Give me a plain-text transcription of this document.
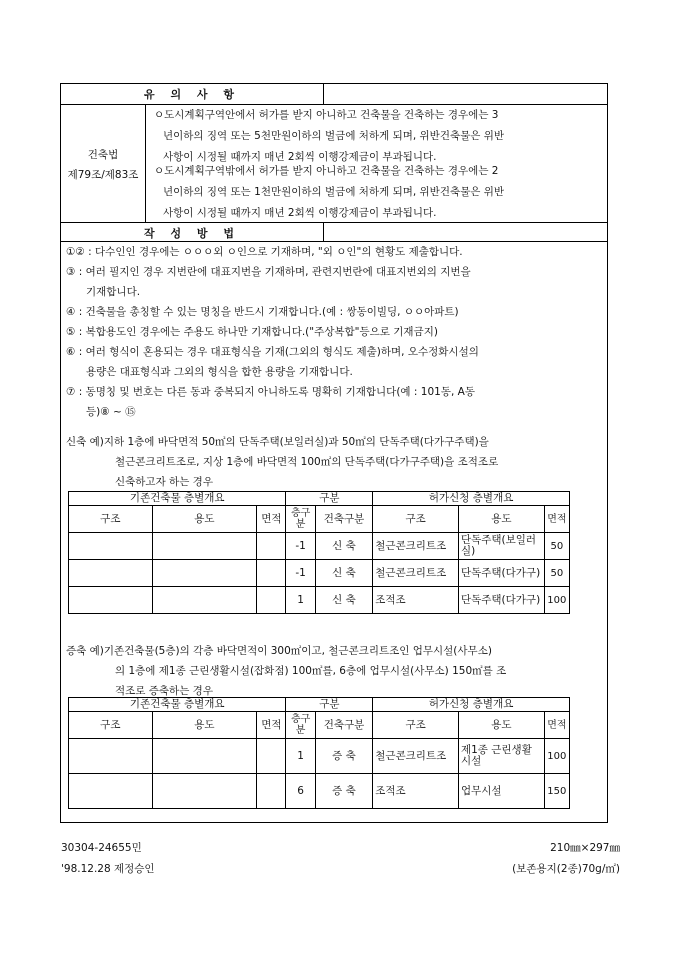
유 의 사 항
건축법
제79조/제83조
ㅇ도시계획구역안에서 허가를 받지 아니하고 건축물을 건축하는 경우에는 3
년이하의 징역 또는 5천만원이하의 벌금에 처하게 되며, 위반건축물은 위반
사항이 시정될 때까지 매년 2회씩 이행강제금이 부과됩니다.
ㅇ도시계획구역밖에서 허가를 받지 아니하고 건축물을 건축하는 경우에는 2
년이하의 징역 또는 1천만원이하의 벌금에 처하게 되며, 위반건축물은 위반
사항이 시정될 때까지 매년 2회씩 이행강제금이 부과됩니다.
작 성 방 법
①② : 다수인인 경우에는 ㅇㅇㅇ외 ㅇ인으로 기재하며, "외 ㅇ인"의 현황도 제출합니다.
③ : 여러 필지인 경우 지번란에 대표지번을 기재하며, 관련지번란에 대표지번외의 지번을
기재합니다.
④ : 건축물을 총칭할 수 있는 명칭을 반드시 기재합니다.(예 : 쌍동이빌딩, ㅇㅇ아파트)
⑤ : 복합용도인 경우에는 주용도 하나만 기재합니다.("주상복합"등으로 기재금지)
⑥ : 여러 형식이 혼용되는 경우 대표형식을 기재(그외의 형식도 제출)하며, 오수정화시설의
용량은 대표형식과 그외의 형식을 합한 용량을 기재합니다.
⑦ : 동명칭 및 번호는 다른 동과 중복되지 아니하도록 명확히 기재합니다(예 : 101동, A동
등)⑧ ~ ⑮
신축 예)지하 1층에 바닥면적 50㎡의 단독주택(보일러실)과 50㎡의 단독주택(다가구주택)을
철근콘크리트조로, 지상 1층에 바닥면적 100㎡의 단독주택(다가구주택)을 조적조로
신축하고자 하는 경우
기존건축물 층별개요			구분		허가신청 층별개요		
구조	용도	면적	층구분	건축구분	구조	용도	면적
			-1	신 축	철근콘크리트조	단독주택(보일러실)	50
			-1	신 축	철근콘크리트조	단독주택(다가구)	50
			1	신 축	조적조	단독주택(다가구)	100
증축 예)기존건축물(5층)의 각층 바닥면적이 300㎡이고, 철근콘크리트조인 업무시설(사무소)
의 1층에 제1종 근린생활시설(잡화점) 100㎡를, 6층에 업무시설(사무소) 150㎡를 조
적조로 증축하는 경우
기존건축물 층별개요			구분		허가신청 층별개요		
구조	용도	면적	층구분	건축구분	구조	용도	면적
			1	증 축	철근콘크리트조	제1종 근린생활시설	100
			6	증 축	조적조	업무시설	150
30304-24655민
'98.12.28 제정승인
210㎜×297㎜
(보존용지(2종)70g/㎡)
